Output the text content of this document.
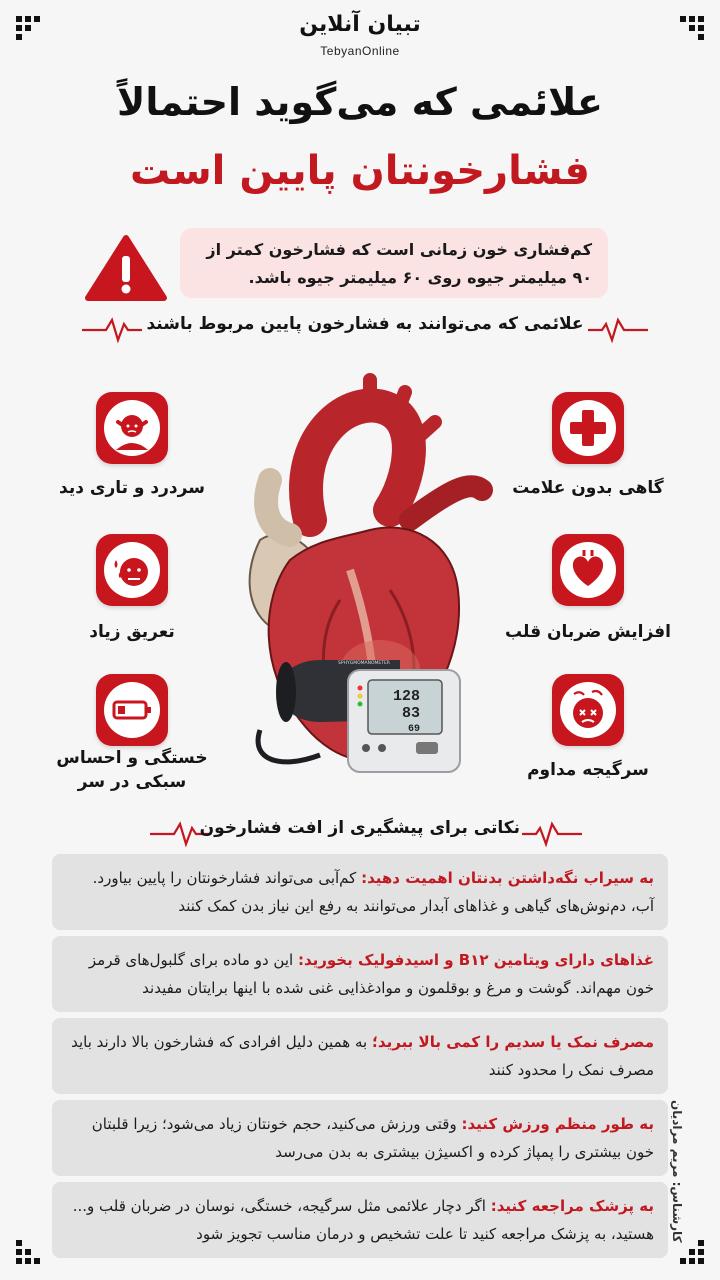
تبیان آنلاین
TebyanOnline
علائمی که می‌گوید احتمالاً
فشارخونتان پایین است
کم‌فشاری خون زمانی است که فشارخون کمتر از
۹۰ میلیمتر جیوه روی ۶۰ میلیمتر جیوه باشد.
علائمی که می‌توانند به فشارخون پایین مربوط باشند
گاهی بدون علامت
افزایش ضربان قلب
سرگیجه مداوم
سردرد و تاری دید
تعریق زیاد
خستگی و احساس
سبکی در سر
128
83
69
SPHYGMOMANOMETER
نکاتی برای پیشگیری از افت فشارخون
به سیراب نگه‌داشتن بدنتان اهمیت دهید: کم‌آبی می‌تواند فشارخونتان را پایین بیاورد. آب، دم‌نوش‌های گیاهی و غذاهای آبدار می‌توانند به رفع این نیاز بدن کمک کنند
غذاهای دارای ویتامین B۱۲ و اسیدفولیک بخورید: این دو ماده برای گلبول‌های قرمز خون مهم‌اند. گوشت و مرغ و بوقلمون و موادغذایی غنی شده با اینها برایتان مفیدند
مصرف نمک یا سدیم را کمی بالا ببرید؛ به همین دلیل افرادی که فشارخون بالا دارند باید مصرف نمک را محدود کنند
به طور منظم ورزش کنید: وقتی ورزش می‌کنید، حجم خونتان زیاد می‌شود؛ زیرا قلبتان خون بیشتری را پمپاژ کرده و اکسیژن بیشتری به بدن می‌رسد
به پزشک مراجعه کنید: اگر دچار علائمی مثل سرگیجه، خستگی، نوسان در ضربان قلب و... هستید، به پزشک مراجعه کنید تا علت تشخیص و درمان مناسب تجویز شود	کارشناس: مریم مرادیان
